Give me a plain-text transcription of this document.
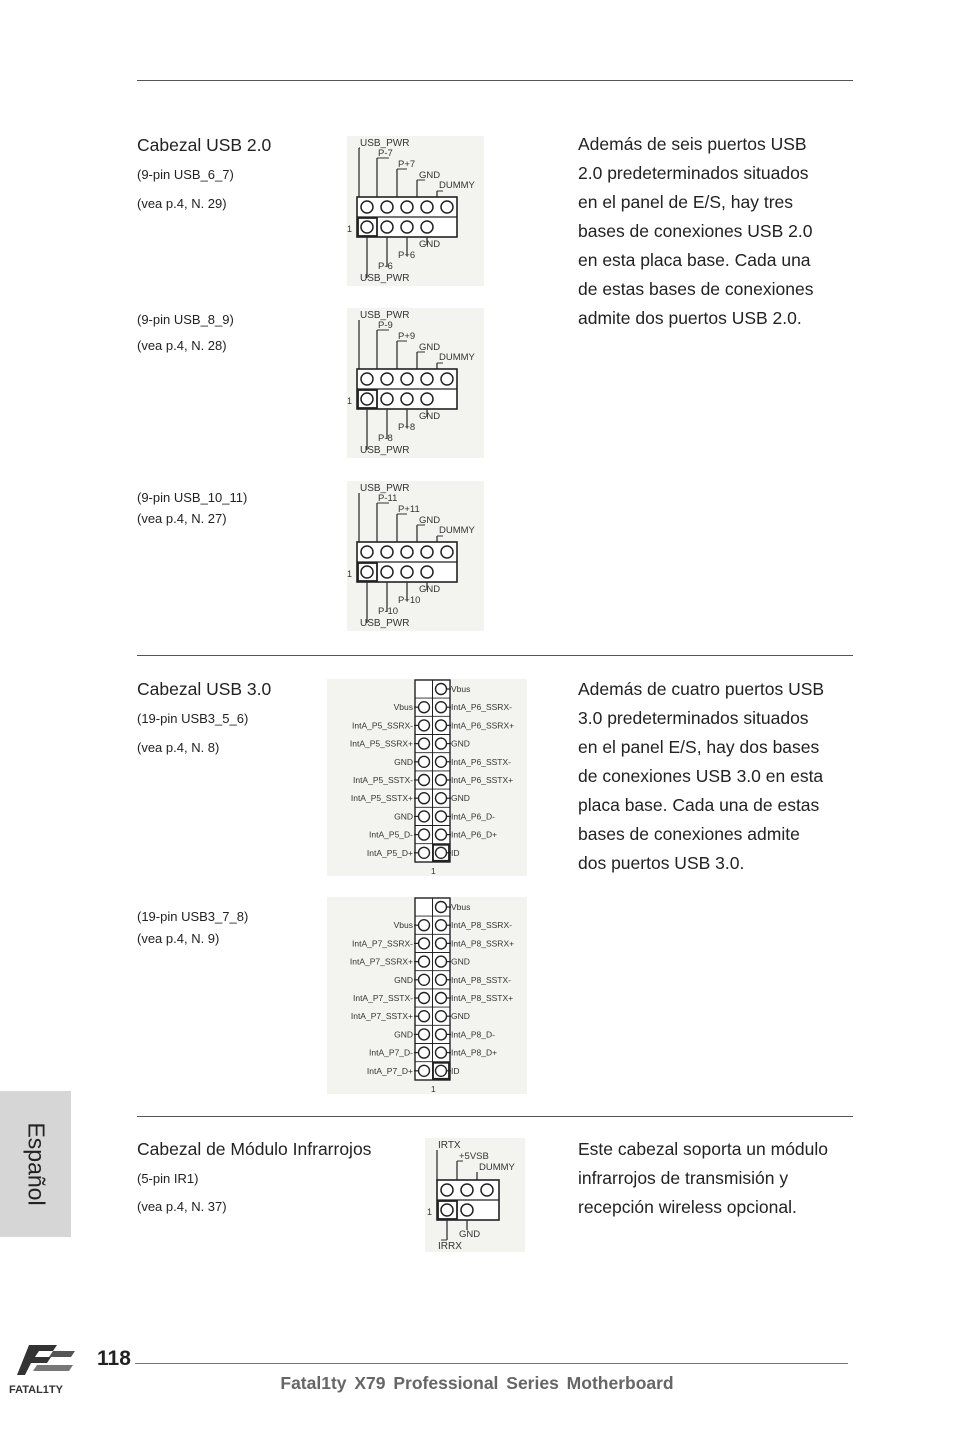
Cabezal USB 2.0
(9-pin USB_6_7)
(vea p.4, N. 29)
(9-pin USB_8_9)
(vea p.4, N. 28)
(9-pin USB_10_11)
(vea p.4, N. 27)
USB_PWR
P-7
P+7
GND
DUMMY
1
GND
P+6
P-6
USB_PWR
USB_PWR
P-9
P+9
GND
DUMMY
1
GND
P+8
P-8
USB_PWR
USB_PWR
P-11
P+11
GND
DUMMY
1
GND
P+10
P-10
USB_PWR
Además de seis puertos USB
2.0 predeterminados situados
en el panel de E/S, hay tres
bases de conexiones USB 2.0
en esta placa base. Cada una
de estas bases de conexiones
admite dos puertos USB 2.0.
Cabezal USB 3.0
(19-pin USB3_5_6)
(vea p.4, N. 8)
(19-pin USB3_7_8)
(vea p.4, N. 9)
Vbus
IntA_P6_SSRX-
Vbus
IntA_P6_SSRX+
IntA_P5_SSRX-
GND
IntA_P5_SSRX+
IntA_P6_SSTX-
GND
IntA_P6_SSTX+
IntA_P5_SSTX-
GND
IntA_P5_SSTX+
IntA_P6_D-
GND
IntA_P6_D+
IntA_P5_D-
ID
IntA_P5_D+
1
Vbus
IntA_P8_SSRX-
Vbus
IntA_P8_SSRX+
IntA_P7_SSRX-
GND
IntA_P7_SSRX+
IntA_P8_SSTX-
GND
IntA_P8_SSTX+
IntA_P7_SSTX-
GND
IntA_P7_SSTX+
IntA_P8_D-
GND
IntA_P8_D+
IntA_P7_D-
ID
IntA_P7_D+
1
Además de cuatro puertos USB
3.0 predeterminados situados
en el panel E/S, hay dos bases
de conexiones USB 3.0 en esta
placa base. Cada una de estas
bases de conexiones admite
dos puertos USB 3.0.
Cabezal de Módulo Infrarrojos
(5-pin IR1)
(vea p.4, N. 37)
IRTX
+5VSB
DUMMY
1
GND
IRRX
Este cabezal soporta un módulo
infrarrojos de transmisión y
recepción wireless opcional.
Español
FATAL1TY
118
Fatal1ty X79 Professional Series Motherboard
